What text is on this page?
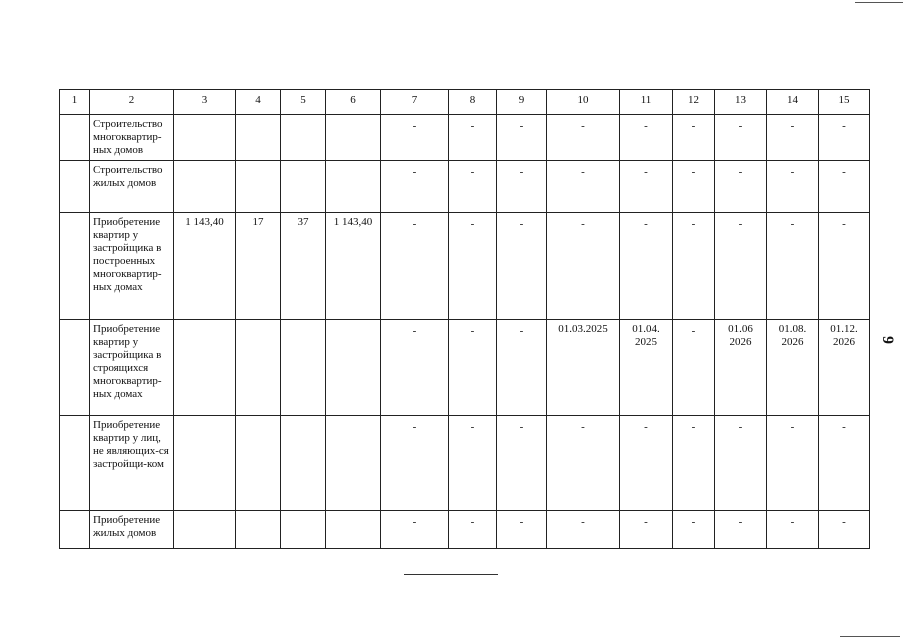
1	2	3	4	5	6	7	8	9	10	11	12	13	14	15
	Строительство многоквартир-ных домов					-	-	-	-	-	-	-	-	-
	Строительство жилых домов					-	-	-	-	-	-	-	-	-
	Приобретение квартир у застройщика в построенных многоквартир-ных домах	1 143,40	17	37	1 143,40	-	-	-	-	-	-	-	-	-
	Приобретение квартир у застройщика в строящихся многоквартир-ных домах					-	-	-	01.03.2025	01.04. 2025	-	01.06 2026	01.08. 2026	01.12. 2026
	Приобретение квартир у лиц, не являющих-ся застройщи-ком					-	-	-	-	-	-	-	-	-
	Приобретение жилых домов					-	-	-	-	-	-	-	-	-
9
